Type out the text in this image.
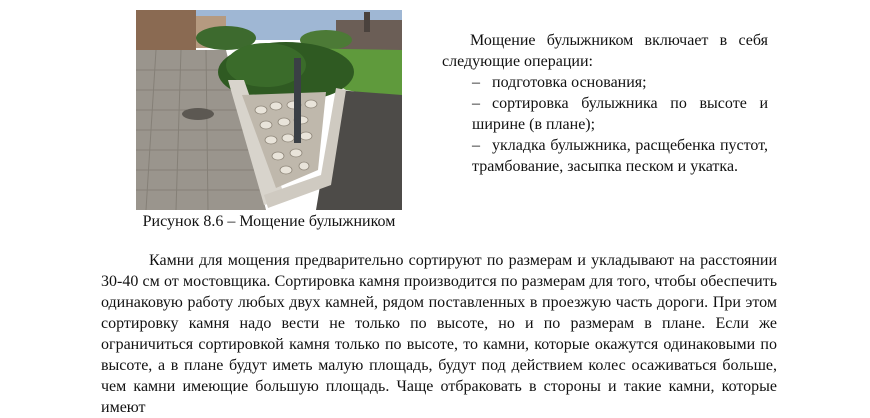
Рисунок 8.6 – Мощение булыжником

Мощение булыжником включает в себя следующие операции:

– подготовка основания;
– сортировка булыжника по высоте и ширине (в плане);
– укладка булыжника, расщебенка пустот, трамбование, засыпка песком и укатка.

Камни для мощения предварительно сортируют по размерам и укладывают на расстоянии 30-40 см от мостовщика. Сортировка камня производится по размерам для того, чтобы обеспечить одинаковую работу любых двух камней, рядом поставленных в проезжую часть дороги. При этом сортировку камня надо вести не только по высоте, но и по размерам в плане. Если же ограничиться сортировкой камня только по высоте, то камни, которые окажутся одинаковыми по высоте, а в плане будут иметь малую площадь, будут под действием колес осаживаться больше, чем камни имеющие большую площадь. Чаще отбраковать в стороны и такие камни, которые имеют
